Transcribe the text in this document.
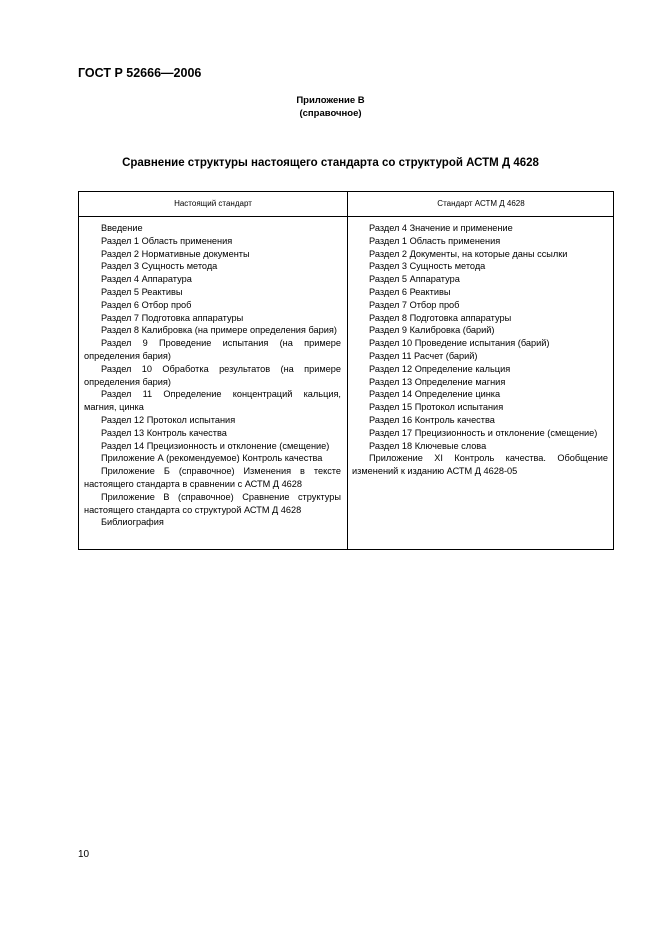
ГОСТ Р 52666—2006
Приложение В
(справочное)
Сравнение структуры настоящего стандарта со структурой АСТМ Д 4628
Настоящий стандарт	Стандарт АСТМ Д 4628
Введение
Раздел 1 Область применения
Раздел 2 Нормативные документы
Раздел 3 Сущность метода
Раздел 4 Аппаратура
Раздел 5 Реактивы
Раздел 6 Отбор проб
Раздел 7 Подготовка аппаратуры
Раздел 8 Калибровка (на примере определения бария)
Раздел 9 Проведение испытания (на примере определения бария)
Раздел 10 Обработка результатов (на примере определения бария)
Раздел 11 Определение концентраций кальция, магния, цинка
Раздел 12 Протокол испытания
Раздел 13 Контроль качества
Раздел 14 Прецизионность и отклонение (смещение)
Приложение А (рекомендуемое) Контроль качества
Приложение Б (справочное) Изменения в тексте настоящего стандарта в сравнении с АСТМ Д 4628
Приложение В (справочное) Сравнение структуры настоящего стандарта со структурой АСТМ Д 4628
Библиография
Раздел 4 Значение и применение
Раздел 1 Область применения
Раздел 2 Документы, на которые даны ссылки
Раздел 3 Сущность метода
Раздел 5 Аппаратура
Раздел 6 Реактивы
Раздел 7 Отбор проб
Раздел 8 Подготовка аппаратуры
Раздел 9 Калибровка (барий)
Раздел 10 Проведение испытания (барий)
Раздел 11 Расчет (барий)
Раздел 12 Определение кальция
Раздел 13 Определение магния
Раздел 14 Определение цинка
Раздел 15 Протокол испытания
Раздел 16 Контроль качества
Раздел 17 Прецизионность и отклонение (смещение)
Раздел 18 Ключевые слова
Приложение XI Контроль качества. Обобщение изменений к изданию АСТМ Д 4628-05
10
